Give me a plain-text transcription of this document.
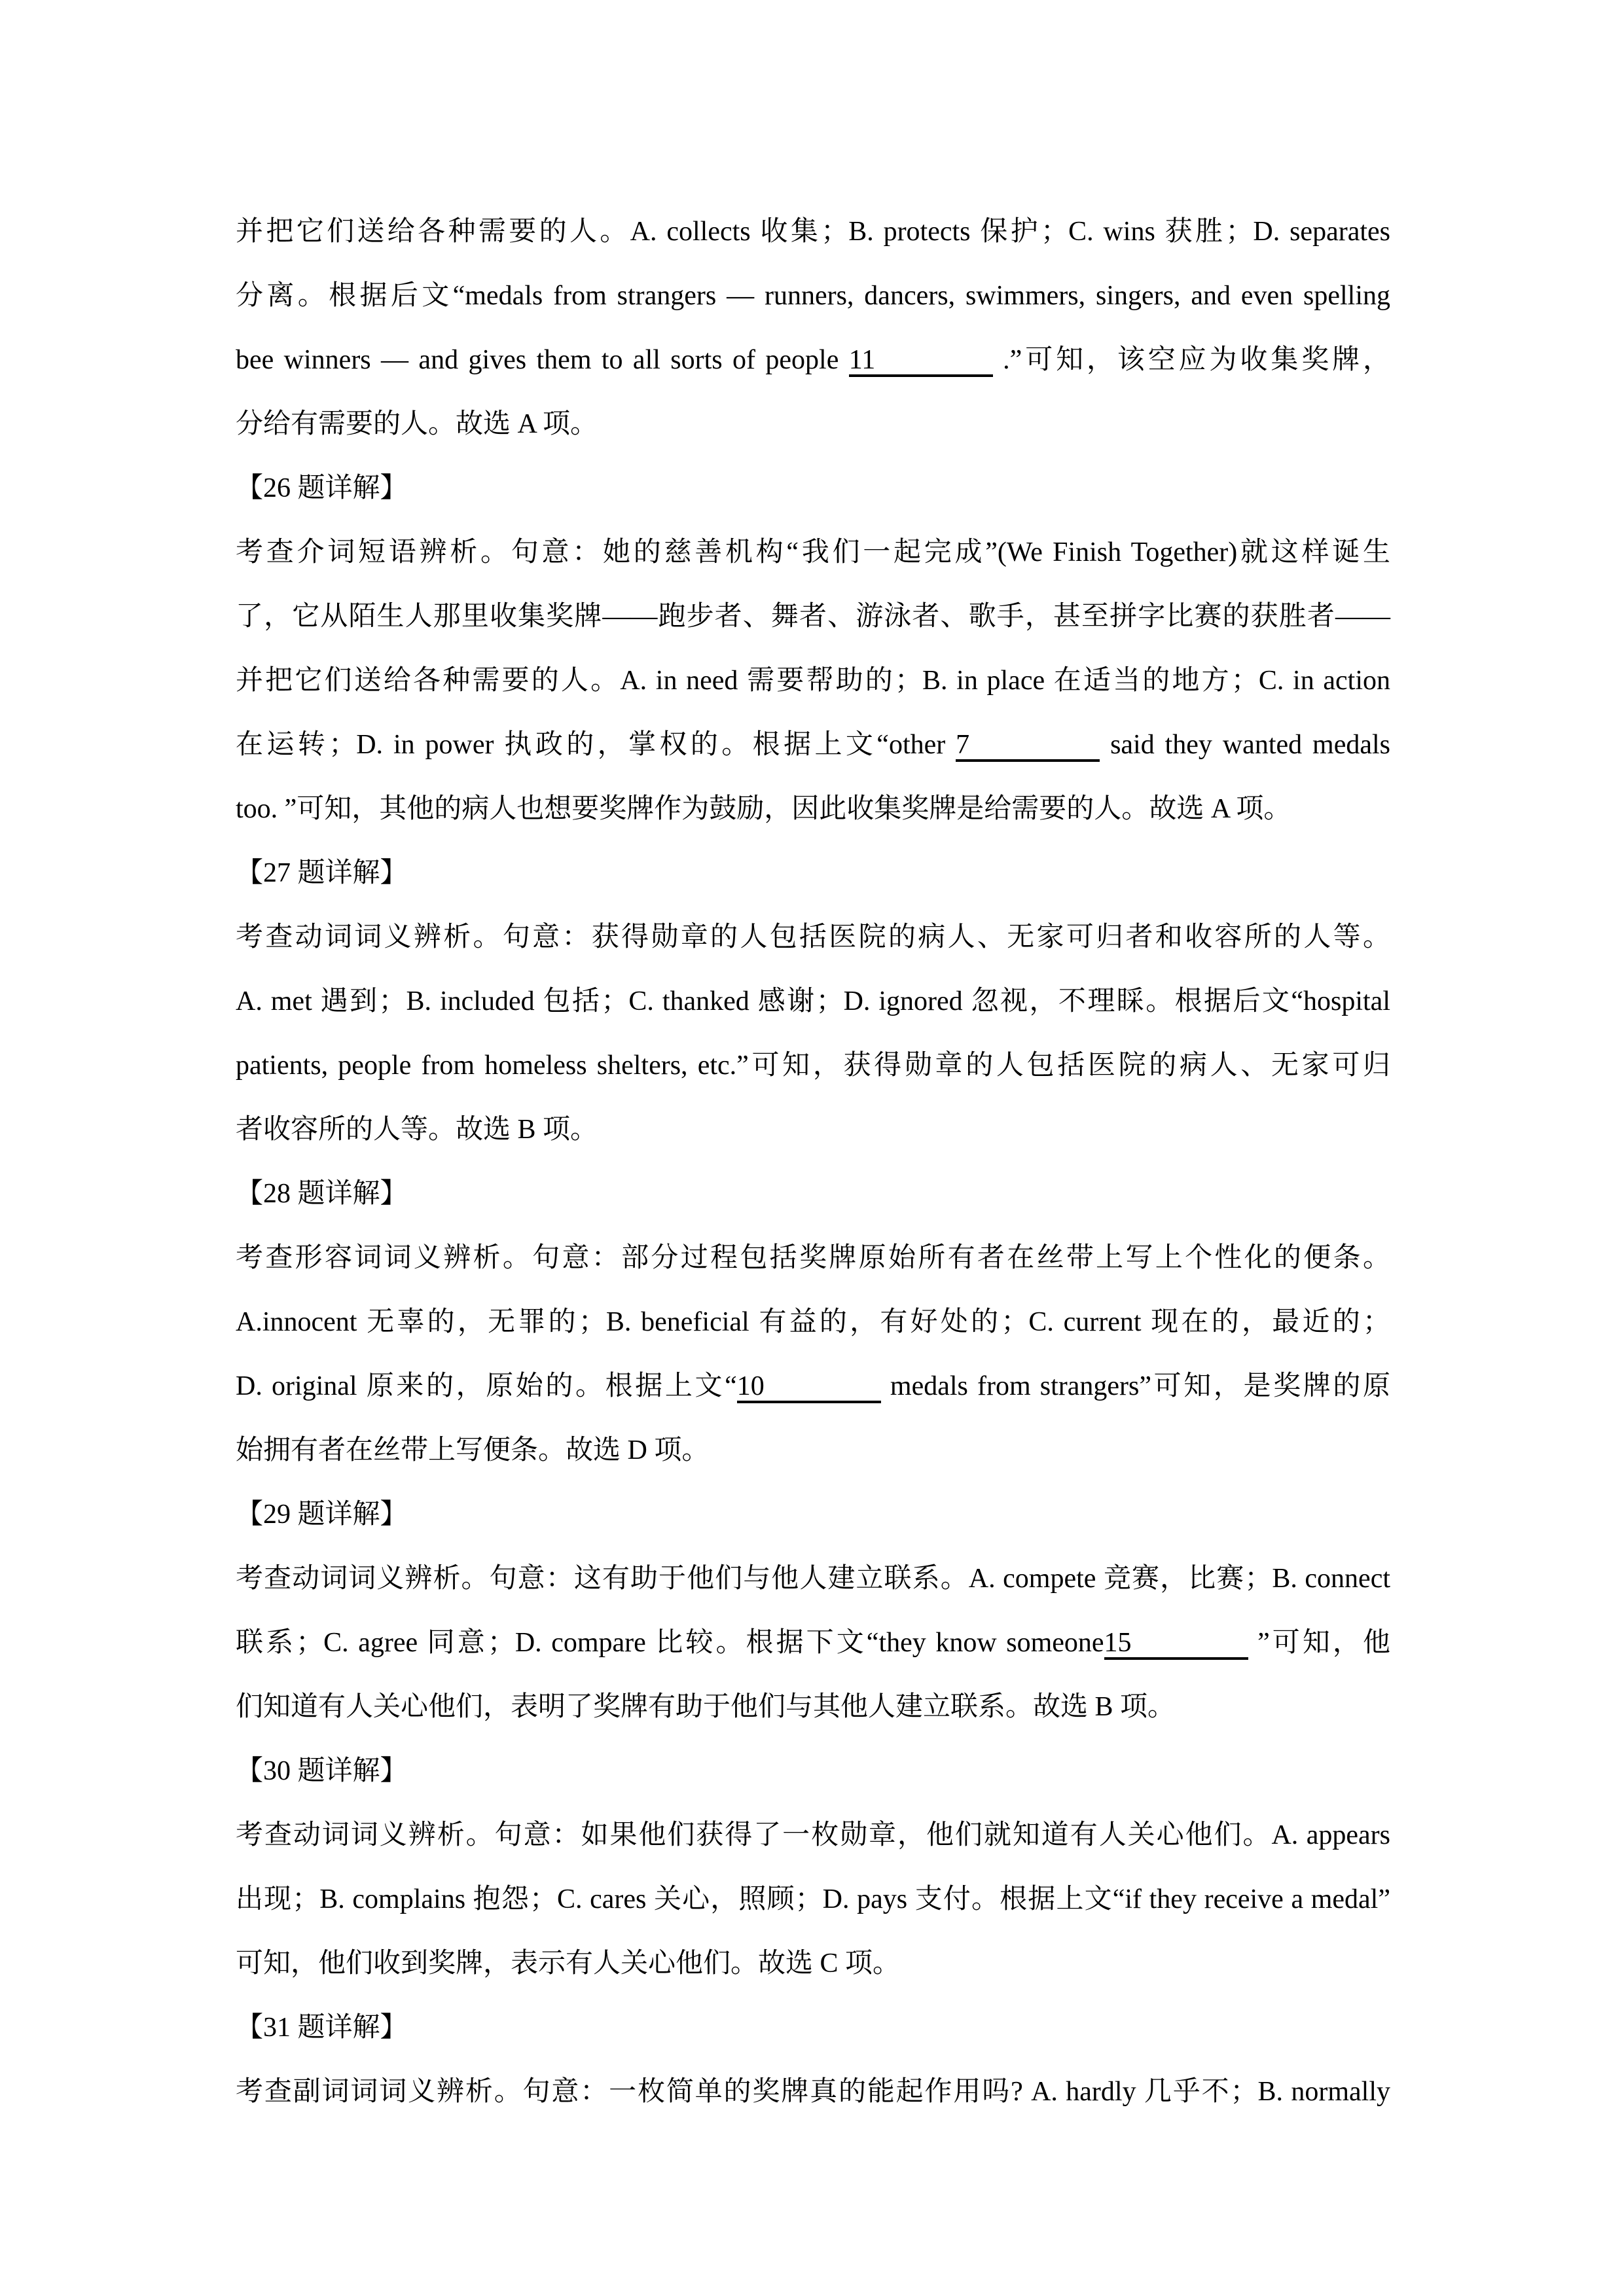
并把它们送给各种需要的人。A. collects 收集；B. protects 保护；C. wins 获胜；D. separates
分离。根据后文“medals from strangers — runners, dancers, swimmers, singers, and even spelling
bee winners — and gives them to all sorts of people 11	.”可知，该空应为收集奖牌，
分给有需要的人。故选 A 项。
【26 题详解】
考查介词短语辨析。句意：她的慈善机构“我们一起完成”(We Finish Together)就这样诞生
了，它从陌生人那里收集奖牌——跑步者、舞者、游泳者、歌手，甚至拼字比赛的获胜者——
并把它们送给各种需要的人。A. in need 需要帮助的；B. in place 在适当的地方；C. in action
在运转；D. in power 执政的，掌权的。根据上文“other 7	said they wanted medals
too. ”可知，其他的病人也想要奖牌作为鼓励，因此收集奖牌是给需要的人。故选 A 项。
【27 题详解】
考查动词词义辨析。句意：获得勋章的人包括医院的病人、无家可归者和收容所的人等。
A. met 遇到；B. included 包括；C. thanked 感谢；D. ignored 忽视，不理睬。根据后文“hospital
patients, people from homeless shelters, etc.”可知，获得勋章的人包括医院的病人、无家可归
者收容所的人等。故选 B 项。
【28 题详解】
考查形容词词义辨析。句意：部分过程包括奖牌原始所有者在丝带上写上个性化的便条。
A.innocent 无辜的，无罪的；B. beneficial 有益的，有好处的；C. current 现在的，最近的；
D. original 原来的，原始的。根据上文“10	medals from strangers”可知，是奖牌的原
始拥有者在丝带上写便条。故选 D 项。
【29 题详解】
考查动词词义辨析。句意：这有助于他们与他人建立联系。A. compete 竞赛，比赛；B. connect
联系；C. agree 同意；D. compare 比较。根据下文“they know someone15	”可知，他
们知道有人关心他们，表明了奖牌有助于他们与其他人建立联系。故选 B 项。
【30 题详解】
考查动词词义辨析。句意：如果他们获得了一枚勋章，他们就知道有人关心他们。A. appears
出现；B. complains 抱怨；C. cares 关心，照顾；D. pays 支付。根据上文“if they receive a medal”
可知，他们收到奖牌，表示有人关心他们。故选 C 项。
【31 题详解】
考查副词词词义辨析。句意：一枚简单的奖牌真的能起作用吗? A. hardly 几乎不；B. normally
